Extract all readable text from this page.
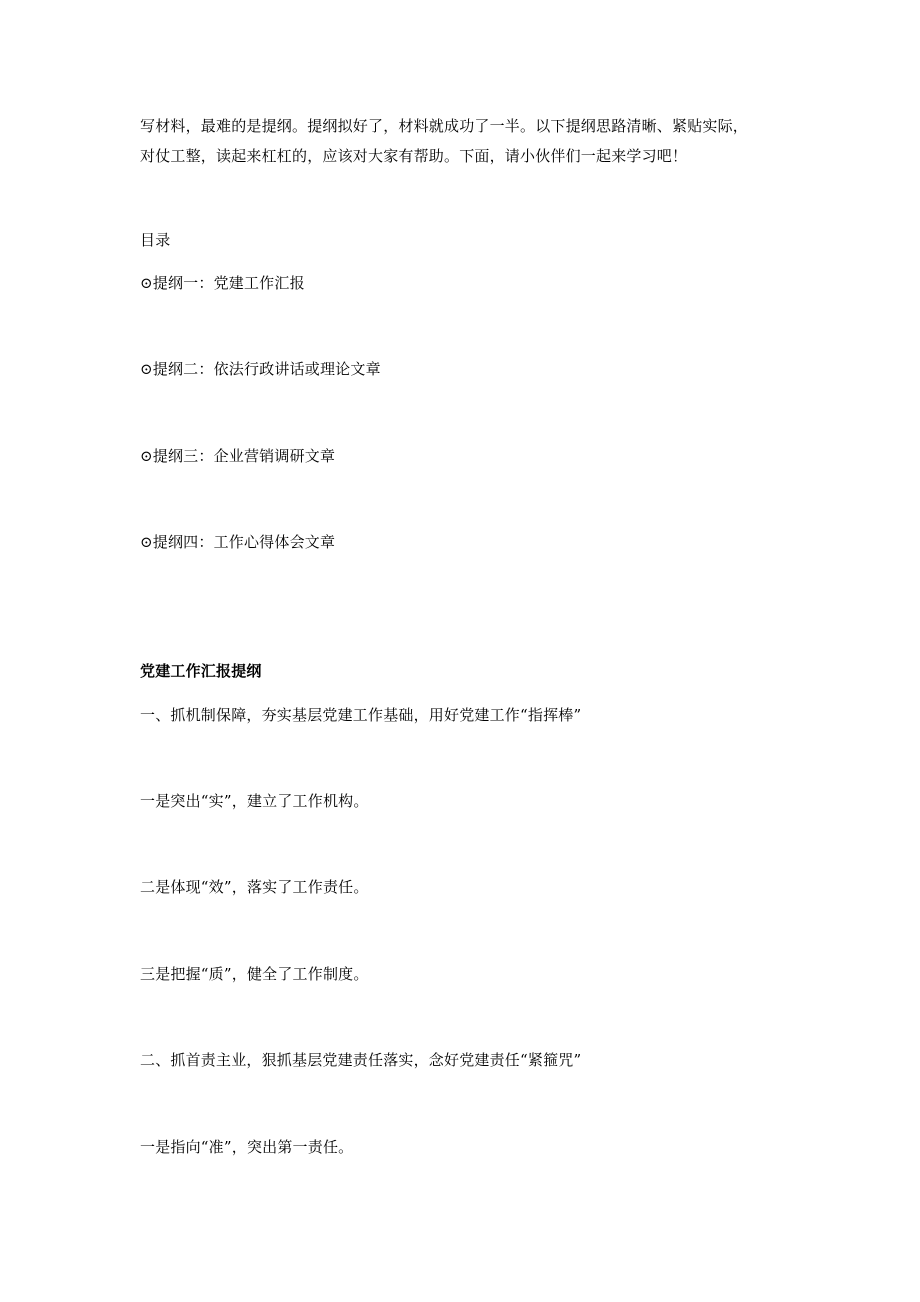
写材料，最难的是提纲。提纲拟好了，材料就成功了一半。以下提纲思路清晰、紧贴实际，
对仗工整，读起来杠杠的，应该对大家有帮助。下面，请小伙伴们一起来学习吧！
目录
⊙提纲一：党建工作汇报
⊙提纲二：依法行政讲话或理论文章
⊙提纲三：企业营销调研文章
⊙提纲四：工作心得体会文章
党建工作汇报提纲
一、抓机制保障，夯实基层党建工作基础，用好党建工作“指挥棒”
一是突出“实”，建立了工作机构。
二是体现“效”，落实了工作责任。
三是把握“质”，健全了工作制度。
二、抓首责主业，狠抓基层党建责任落实，念好党建责任“紧箍咒”
一是指向“准”，突出第一责任。
